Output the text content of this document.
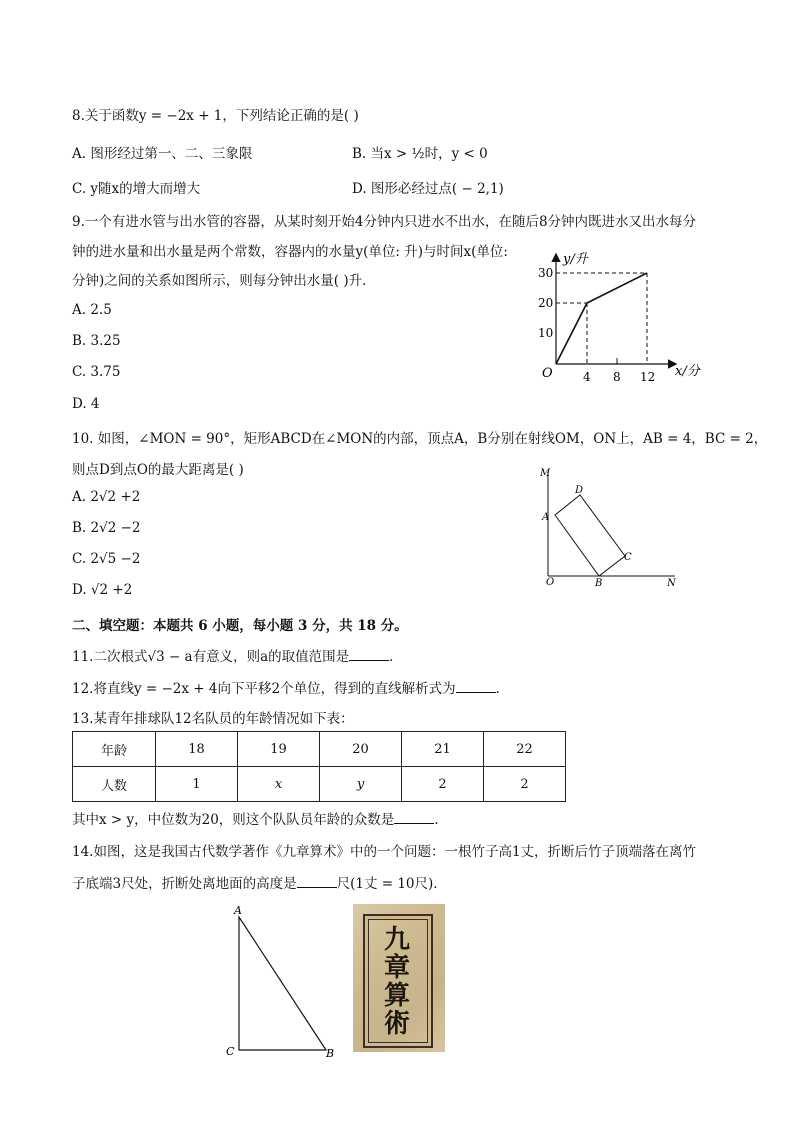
8.关于函数y = −2x + 1，下列结论正确的是( )
A. 图形经过第一、二、三象限	B. 当x > ½时，y < 0
C. y随x的增大而增大	D. 图形必经过点( − 2,1)
9.一个有进水管与出水管的容器，从某时刻开始4分钟内只进水不出水，在随后8分钟内既进水又出水每分
钟的进水量和出水量是两个常数，容器内的水量y(单位: 升)与时间x(单位:
分钟)之间的关系如图所示，则每分钟出水量( )升．
A. 2.5
B. 3.25
C. 3.75
D. 4
y/升
30
20
10
O	4 8 12 x/分
10. 如图，∠MON = 90°，矩形ABCD在∠MON的内部，顶点A，B分别在射线OM，ON上，AB = 4，BC = 2，
则点D到点O的最大距离是( )
A. 2√2 +2
B. 2√2 −2
C. 2√5 −2
D. √2 +2
M
D
A
C
O	B	N
二、填空题：本题共 6 小题，每小题 3 分，共 18 分。
11.二次根式√3 − a有意义，则a的取值范围是	．
12.将直线y = −2x + 4向下平移2个单位，得到的直线解析式为	．
13.某青年排球队12名队员的年龄情况如下表：
年龄	18	19	20	21	22
人数	1	x	y	2	2
其中x > y，中位数为20，则这个队队员年龄的众数是	．
14.如图，这是我国古代数学著作《九章算术》中的一个问题：一根竹子高1丈，折断后竹子顶端落在离竹
子底端3尺处，折断处离地面的高度是	尺(1丈 = 10尺)．
A
C	B
九
章
算
術
